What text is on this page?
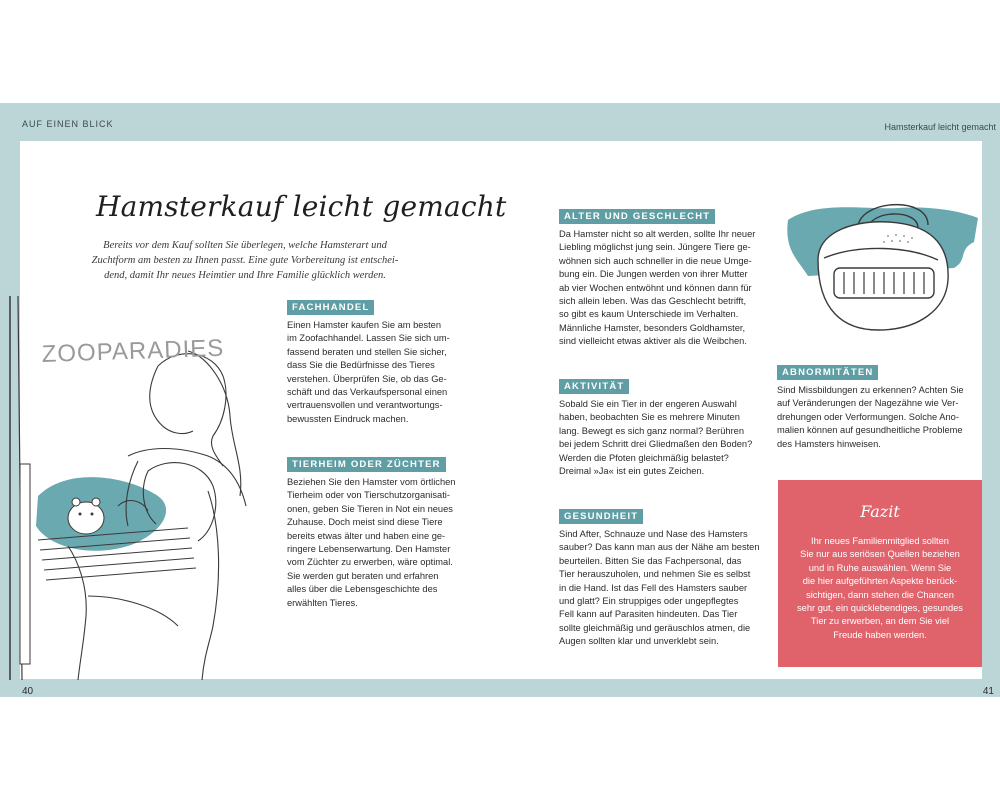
AUF EINEN BLICK	Hamsterkauf leicht gemacht
40	41
Hamsterkauf leicht gemacht
Bereits vor dem Kauf sollten Sie überlegen, welche Hamsterart und
Zuchtform am besten zu Ihnen passt. Eine gute Vorbereitung ist entschei-
dend, damit Ihr neues Heimtier und Ihre Familie glücklich werden.
ZOOPARADIES
FACHHANDEL
Einen Hamster kaufen Sie am besten
im Zoofachhandel. Lassen Sie sich um-
fassend beraten und stellen Sie sicher,
dass Sie die Bedürfnisse des Tieres
verstehen. Überprüfen Sie, ob das Ge-
schäft und das Verkaufspersonal einen
vertrauensvollen und verantwortungs-
bewussten Eindruck machen.
TIERHEIM ODER ZÜCHTER
Beziehen Sie den Hamster vom örtlichen
Tierheim oder von Tierschutzorganisati-
onen, geben Sie Tieren in Not ein neues
Zuhause. Doch meist sind diese Tiere
bereits etwas älter und haben eine ge-
ringere Lebenserwartung. Den Hamster
vom Züchter zu erwerben, wäre optimal.
Sie werden gut beraten und erfahren
alles über die Lebensgeschichte des
erwählten Tieres.
ALTER UND GESCHLECHT
Da Hamster nicht so alt werden, sollte Ihr neuer
Liebling möglichst jung sein. Jüngere Tiere ge-
wöhnen sich auch schneller in die neue Umge-
bung ein. Die Jungen werden von ihrer Mutter
ab vier Wochen entwöhnt und können dann für
sich allein leben. Was das Geschlecht betrifft,
so gibt es kaum Unterschiede im Verhalten.
Männliche Hamster, besonders Goldhamster,
sind vielleicht etwas aktiver als die Weibchen.
AKTIVITÄT
Sobald Sie ein Tier in der engeren Auswahl
haben, beobachten Sie es mehrere Minuten
lang. Bewegt es sich ganz normal? Berühren
bei jedem Schritt drei Gliedmaßen den Boden?
Werden die Pfoten gleichmäßig belastet?
Dreimal »Ja« ist ein gutes Zeichen.
GESUNDHEIT
Sind After, Schnauze und Nase des Hamsters
sauber? Das kann man aus der Nähe am besten
beurteilen. Bitten Sie das Fachpersonal, das
Tier herauszuholen, und nehmen Sie es selbst
in die Hand. Ist das Fell des Hamsters sauber
und glatt? Ein struppiges oder ungepflegtes
Fell kann auf Parasiten hindeuten. Das Tier
sollte gleichmäßig und geräuschlos atmen, die
Augen sollten klar und unverklebt sein.
ABNORMITÄTEN
Sind Missbildungen zu erkennen? Achten Sie
auf Veränderungen der Nagezähne wie Ver-
drehungen oder Verformungen. Solche Ano-
malien können auf gesundheitliche Probleme
des Hamsters hinweisen.
Fazit
Ihr neues Familienmitglied sollten
Sie nur aus seriösen Quellen beziehen
und in Ruhe auswählen. Wenn Sie
die hier aufgeführten Aspekte berück-
sichtigen, dann stehen die Chancen
sehr gut, ein quicklebendiges, gesundes
Tier zu erwerben, an dem Sie viel
Freude haben werden.
